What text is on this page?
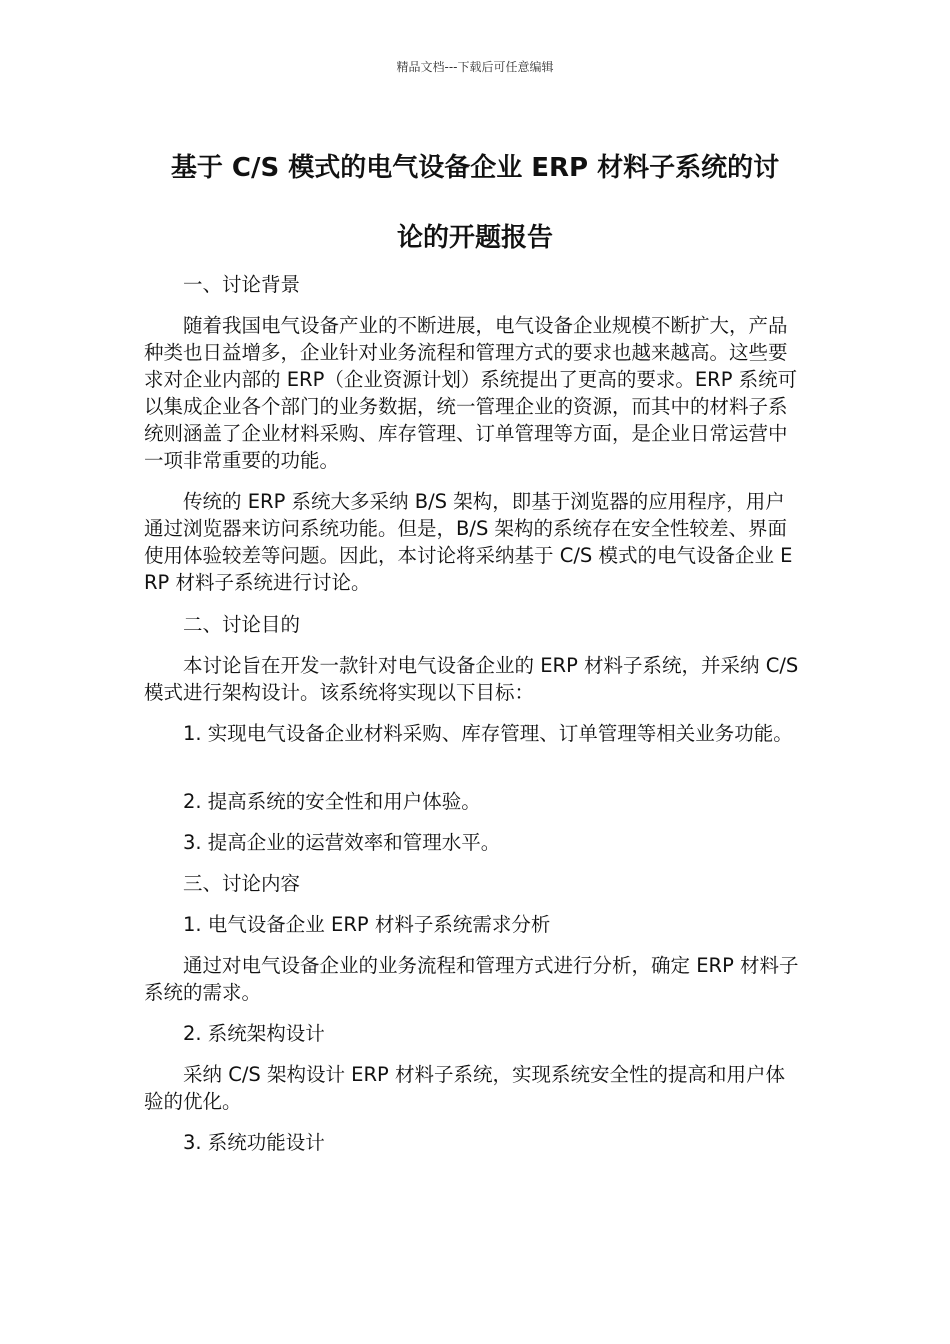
精品文档---下载后可任意编辑
基于 C/S 模式的电气设备企业 ERP 材料子系统的讨
论的开题报告

一、讨论背景

随着我国电气设备产业的不断进展，电气设备企业规模不断扩大，产品种类也日益增多，企业针对业务流程和管理方式的要求也越来越高。这些要求对企业内部的 ERP（企业资源计划）系统提出了更高的要求。ERP 系统可以集成企业各个部门的业务数据，统一管理企业的资源，而其中的材料子系统则涵盖了企业材料采购、库存管理、订单管理等方面，是企业日常运营中一项非常重要的功能。

传统的 ERP 系统大多采纳 B/S 架构，即基于浏览器的应用程序，用户通过浏览器来访问系统功能。但是，B/S 架构的系统存在安全性较差、界面使用体验较差等问题。因此，本讨论将采纳基于 C/S 模式的电气设备企业 ERP 材料子系统进行讨论。

二、讨论目的

本讨论旨在开发一款针对电气设备企业的 ERP 材料子系统，并采纳 C/S 模式进行架构设计。该系统将实现以下目标：

1. 实现电气设备企业材料采购、库存管理、订单管理等相关业务功能。

2. 提高系统的安全性和用户体验。

3. 提高企业的运营效率和管理水平。

三、讨论内容

1. 电气设备企业 ERP 材料子系统需求分析

通过对电气设备企业的业务流程和管理方式进行分析，确定 ERP 材料子系统的需求。

2. 系统架构设计

采纳 C/S 架构设计 ERP 材料子系统，实现系统安全性的提高和用户体验的优化。

3. 系统功能设计
